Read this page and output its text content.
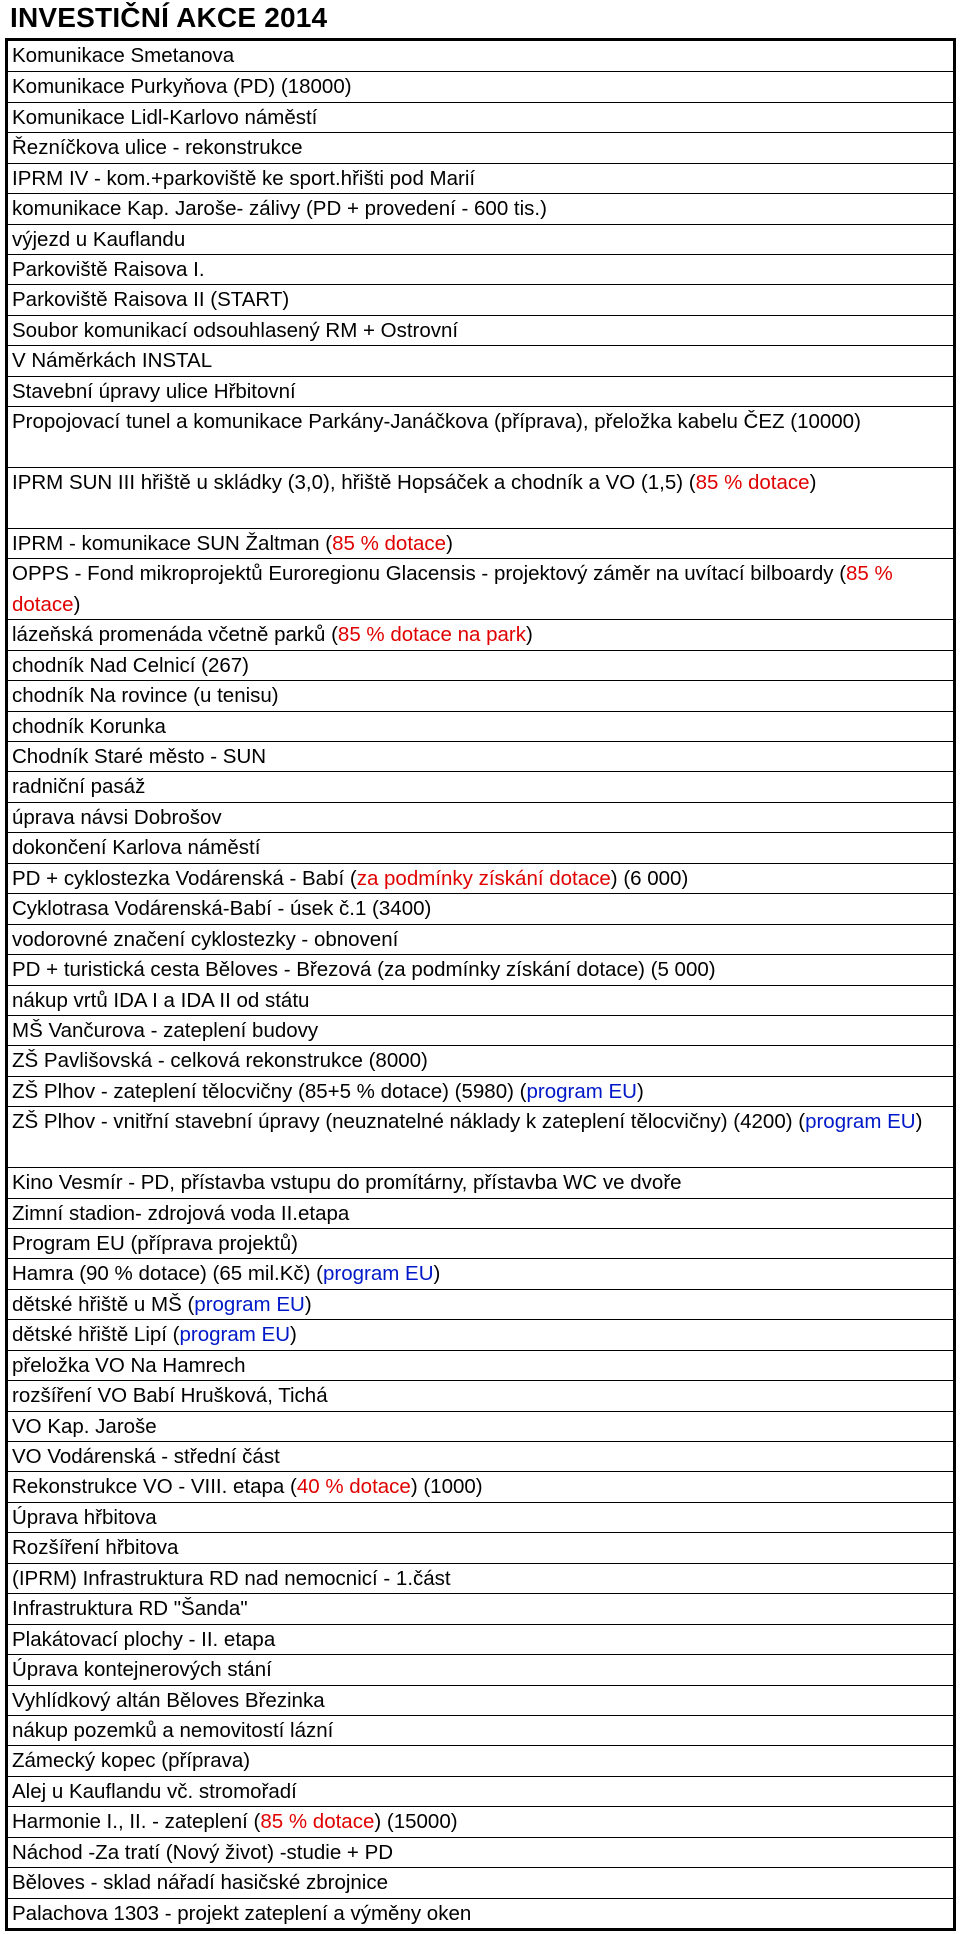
INVESTIČNÍ AKCE 2014
Komunikace Smetanova
Komunikace Purkyňova (PD) (18000)
Komunikace Lidl-Karlovo náměstí
Řezníčkova ulice - rekonstrukce
IPRM IV - kom.+parkoviště ke sport.hřišti pod Marií
komunikace Kap. Jaroše- zálivy (PD + provedení - 600 tis.)
výjezd u Kauflandu
Parkoviště Raisova I.
Parkoviště Raisova II (START)
Soubor komunikací odsouhlasený RM + Ostrovní
V Náměrkách INSTAL
Stavební úpravy ulice Hřbitovní
Propojovací tunel a komunikace Parkány-Janáčkova (příprava), přeložka kabelu ČEZ (10000)
IPRM SUN III hřiště u skládky (3,0), hřiště Hopsáček a chodník a VO (1,5) (85 % dotace)
IPRM - komunikace SUN Žaltman (85 % dotace)
OPPS - Fond mikroprojektů Euroregionu Glacensis - projektový záměr na uvítací bilboardy (85 % dotace)
lázeňská promenáda včetně parků (85 % dotace na park)
chodník Nad Celnicí (267)
chodník Na rovince (u tenisu)
chodník Korunka
Chodník Staré město - SUN
radniční pasáž
úprava návsi Dobrošov
dokončení Karlova náměstí
PD + cyklostezka Vodárenská - Babí (za podmínky získání dotace) (6 000)
Cyklotrasa Vodárenská-Babí - úsek č.1 (3400)
vodorovné značení cyklostezky - obnovení
PD + turistická cesta Běloves - Březová (za podmínky získání dotace) (5 000)
nákup vrtů IDA I a IDA II od státu
MŠ Vančurova - zateplení budovy
ZŠ Pavlišovská - celková rekonstrukce (8000)
ZŠ Plhov - zateplení tělocvičny (85+5 % dotace) (5980) (program EU)
ZŠ Plhov - vnitřní stavební úpravy (neuznatelné náklady k zateplení tělocvičny) (4200) (program EU)
Kino Vesmír - PD, přístavba vstupu do promítárny, přístavba WC ve dvoře
Zimní stadion- zdrojová voda II.etapa
Program EU (příprava projektů)
Hamra (90 % dotace) (65 mil.Kč) (program EU)
dětské hřiště u MŠ (program EU)
dětské hřiště Lipí (program EU)
přeložka VO Na Hamrech
rozšíření VO Babí Hrušková, Tichá
VO Kap. Jaroše
VO Vodárenská - střední část
Rekonstrukce VO - VIII. etapa (40 % dotace) (1000)
Úprava hřbitova
Rozšíření hřbitova
(IPRM) Infrastruktura RD nad nemocnicí - 1.část
Infrastruktura RD "Šanda"
Plakátovací plochy - II. etapa
Úprava kontejnerových stání
Vyhlídkový altán Běloves Březinka
nákup pozemků a nemovitostí lázní
Zámecký kopec (příprava)
Alej u Kauflandu vč. stromořadí
Harmonie I., II. - zateplení (85 % dotace) (15000)
Náchod -Za tratí (Nový život) -studie + PD
Běloves - sklad nářadí hasičské zbrojnice
Palachova 1303 - projekt zateplení a výměny oken
